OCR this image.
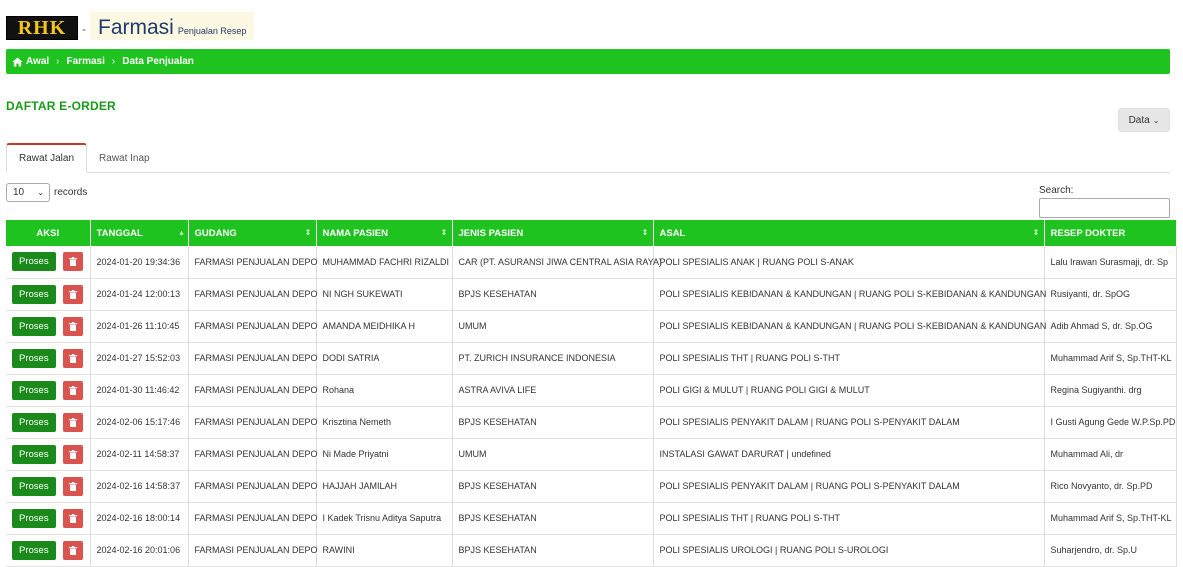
RHK - Farmasi Penjualan Resep
Awal › Farmasi › Data Penjualan
DAFTAR E-ORDER
Data ⌄
Rawat Jalan	Rawat Inap
10 ⌄ records	Search:
AKSI	TANGGAL ▴	GUDANG ⇕	NAMA PASIEN ⇕	JENIS PASIEN ⇕	ASAL ⇕	RESEP DOKTER
Proses	2024-01-20 19:34:36	FARMASI PENJUALAN DEPO	MUHAMMAD FACHRI RIZALDI	CAR (PT. ASURANSI JIWA CENTRAL ASIA RAYA)	POLI SPESIALIS ANAK | RUANG POLI S-ANAK	Lalu Irawan Surasmaji, dr. Sp
Proses	2024-01-24 12:00:13	FARMASI PENJUALAN DEPO	NI NGH SUKEWATI	BPJS KESEHATAN	POLI SPESIALIS KEBIDANAN & KANDUNGAN | RUANG POLI S-KEBIDANAN & KANDUNGAN	Rusiyanti, dr. SpOG
Proses	2024-01-26 11:10:45	FARMASI PENJUALAN DEPO	AMANDA MEIDHIKA H	UMUM	POLI SPESIALIS KEBIDANAN & KANDUNGAN | RUANG POLI S-KEBIDANAN & KANDUNGAN	Adib Ahmad S, dr. Sp.OG
Proses	2024-01-27 15:52:03	FARMASI PENJUALAN DEPO	DODI SATRIA	PT. ZURICH INSURANCE INDONESIA	POLI SPESIALIS THT | RUANG POLI S-THT	Muhammad Arif S, Sp.THT-KL
Proses	2024-01-30 11:46:42	FARMASI PENJUALAN DEPO	Rohana	ASTRA AVIVA LIFE	POLI GIGI & MULUT | RUANG POLI GIGI & MULUT	Regina Sugiyanthi. drg
Proses	2024-02-06 15:17:46	FARMASI PENJUALAN DEPO	Krisztina Nemeth	BPJS KESEHATAN	POLI SPESIALIS PENYAKIT DALAM | RUANG POLI S-PENYAKIT DALAM	I Gusti Agung Gede W.P.Sp.PD
Proses	2024-02-11 14:58:37	FARMASI PENJUALAN DEPO	Ni Made Priyatni	UMUM	INSTALASI GAWAT DARURAT | undefined	Muhammad Ali, dr
Proses	2024-02-16 14:58:37	FARMASI PENJUALAN DEPO	HAJJAH JAMILAH	BPJS KESEHATAN	POLI SPESIALIS PENYAKIT DALAM | RUANG POLI S-PENYAKIT DALAM	Rico Novyanto, dr. Sp.PD
Proses	2024-02-16 18:00:14	FARMASI PENJUALAN DEPO	I Kadek Trisnu Aditya Saputra	BPJS KESEHATAN	POLI SPESIALIS THT | RUANG POLI S-THT	Muhammad Arif S, Sp.THT-KL
Proses	2024-02-16 20:01:06	FARMASI PENJUALAN DEPO	RAWINI	BPJS KESEHATAN	POLI SPESIALIS UROLOGI | RUANG POLI S-UROLOGI	Suharjendro, dr. Sp.U
